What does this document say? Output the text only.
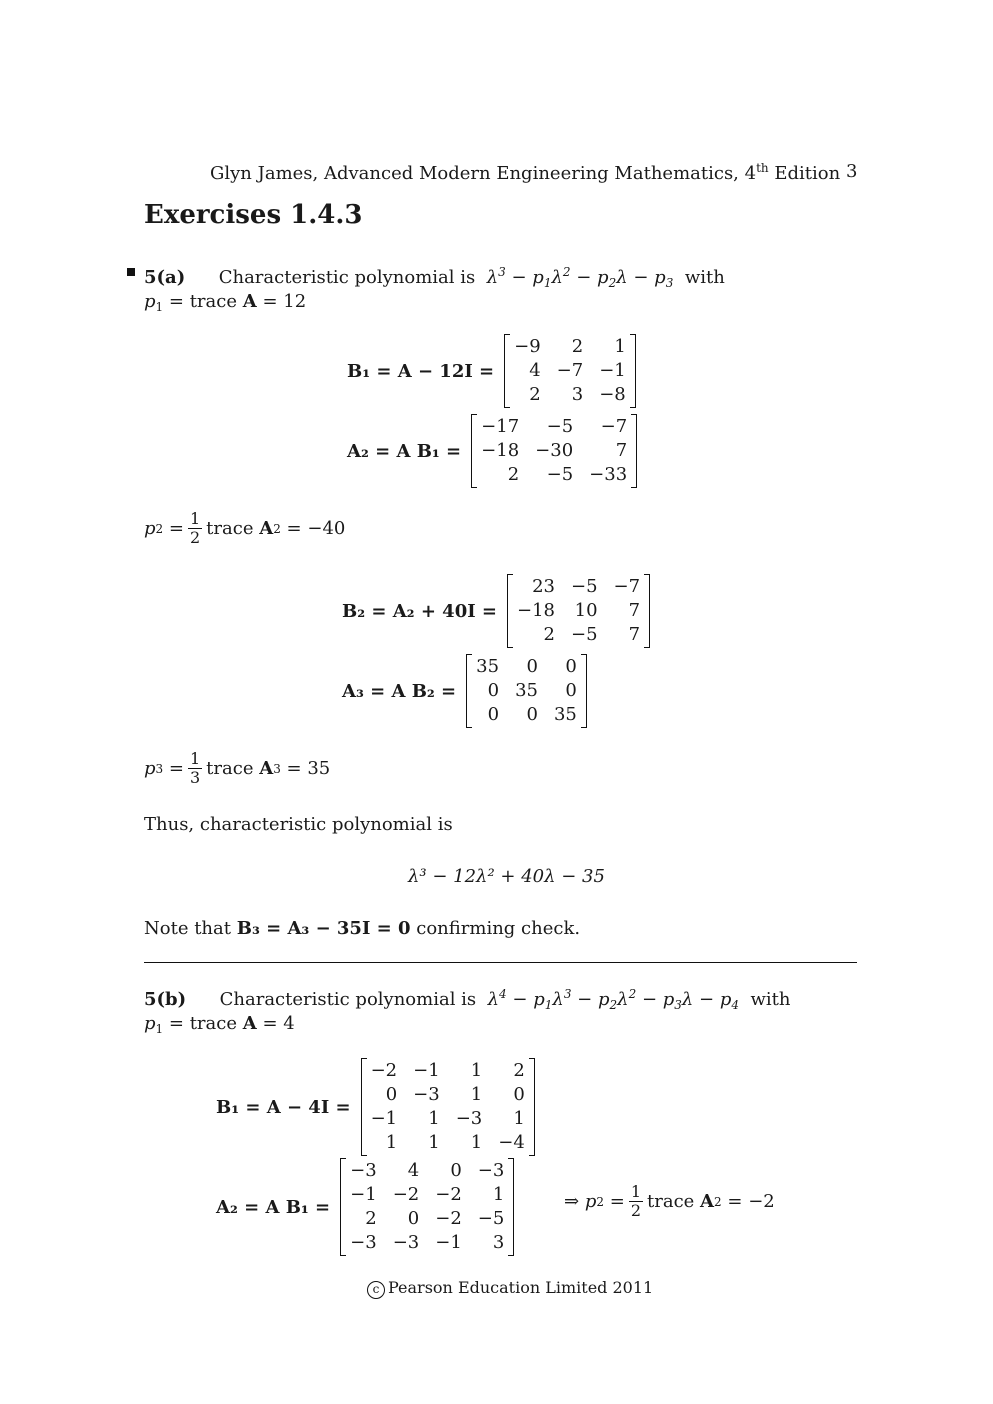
Glyn James, Advanced Modern Engineering Mathematics, 4th Edition 3
Exercises 1.4.3
5(a) Characteristic polynomial is  $\lambda^3 - p_1\lambda^2 - p_2\lambda - p_3$ with
$p_1$ = trace A = 12
B₁ = A − 12I =
−9	2	1
4 −7 −1
2	3 −8
A₂ = A B₁ =
−17	−5	−7
−18 −30	7
2	−5 −33
p $2 = \frac{1}{2}$ trace
A 2 = −40
B₂ = A₂ + 40I =
23 −5 −7
−18 10	7
2 −5	7
A₃ = A B₂ =
35	0	0
0 35	0
0	0 35
p $3 = \frac{1}{3}$ trace
A 3 = 35
Thus, characteristic polynomial is
λ³ − 12λ² + 40λ − 35
Note that B₃ = A₃ − 35I = 0 confirming check.
5(b) Characteristic polynomial is  $\lambda^4 - p_1\lambda^3 - p_2\lambda^2 - p_3\lambda - p_4$ with
$p_1$ = trace A = 4
B₁ = A − 4I =
−2 −1	1	2
0 −3	1	0
−1	1 −3	1
1	1	1 −4
A₂ = A B₁ =
−3	4	0 −3
−1 −2 −2	1
2	0 −2 −5
−3 −3 −1	3
⇒
p $2 = \frac{1}{2}$ trace
A 2 = −2
c Pearson Education Limited 2011
